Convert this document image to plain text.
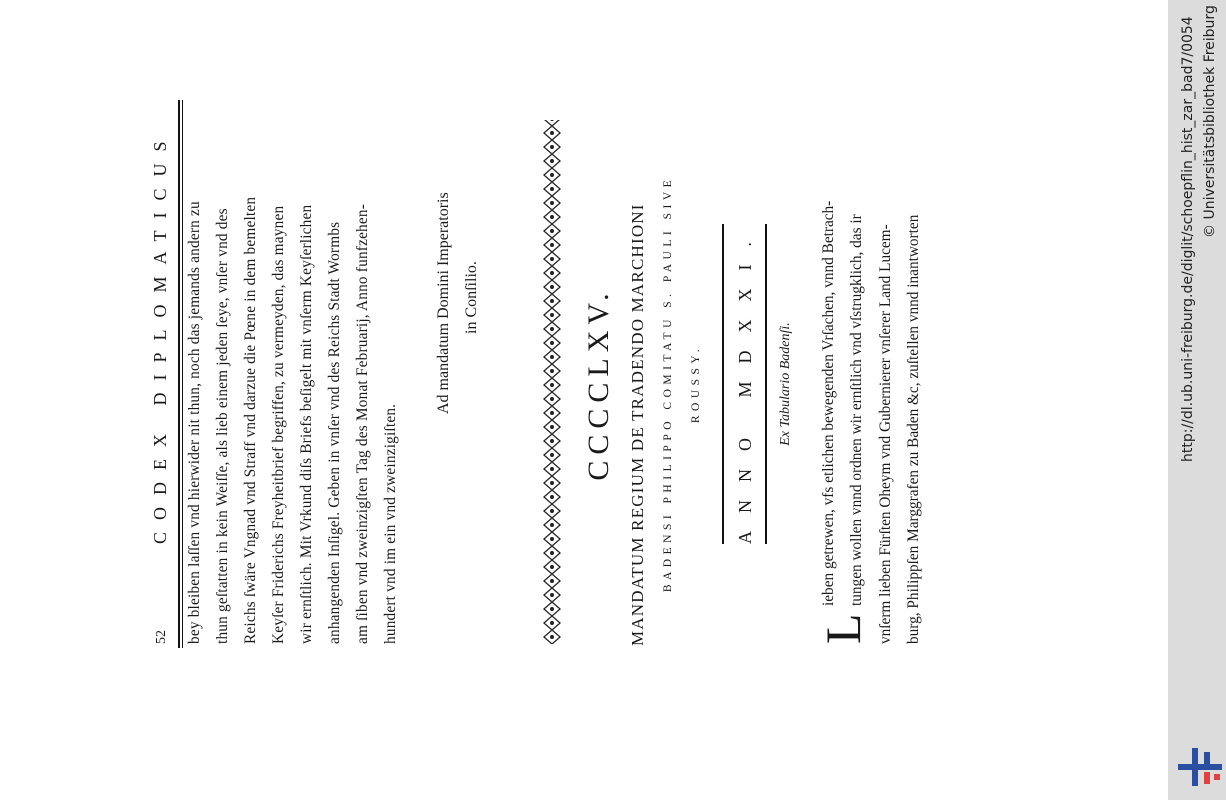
http://dl.ub.uni-freiburg.de/diglit/schoepflin_hist_zar_bad7/0054 © Universitätsbibliothek Freiburg
52
CODEX DIPLOMATICUS bey bleiben laſſen vnd hierwider nit thun, noch das jemands andern zu thun geſtatten in kein Weiſſe, als lieb einem jeden ſeye, vnſer vnd des Reichs ſwäre Vngnad vnd Straff vnd darzue die Pœne in dem bemelten Keyſer Friderichs Freyheitbrief begriffen, zu vermeyden, das maynen wir ernſtlich. Mit Vrkund diſs Briefs beſigelt mit vnſerm Keyſerlichen anhangenden Inſigel. Geben in vnſer vnd des Reichs Stadt Wormbs am ſiben vnd zweinzigſten Tag des Monat Februarij, Anno funfzehen- hundert vnd im ein vnd zweinzigiſten.
Ad mandatum Domini Imperatoris in Conſilio.	CCCCLXV. MANDATUM REGIUM DE TRADENDO MARCHIONI BADENSI PHILIPPO COMITATU S. PAULI SIVE ROUSSY. ANNO MDXXI. Ex Tabulario Badenſi.
L
ieben getrewen, vfs etlichen bewegenden Vrſachen, vnnd Betrach- tungen wollen vnnd ordnen wir ernſtlich vnd vſstrugklich, das ir vnſerm lieben Fürſten Oheym vnd Gubernierer vnſerer Land Lucem- burg, Philippſen Marggrafen zu Baden &c, zuſtellen vnnd inantworten
